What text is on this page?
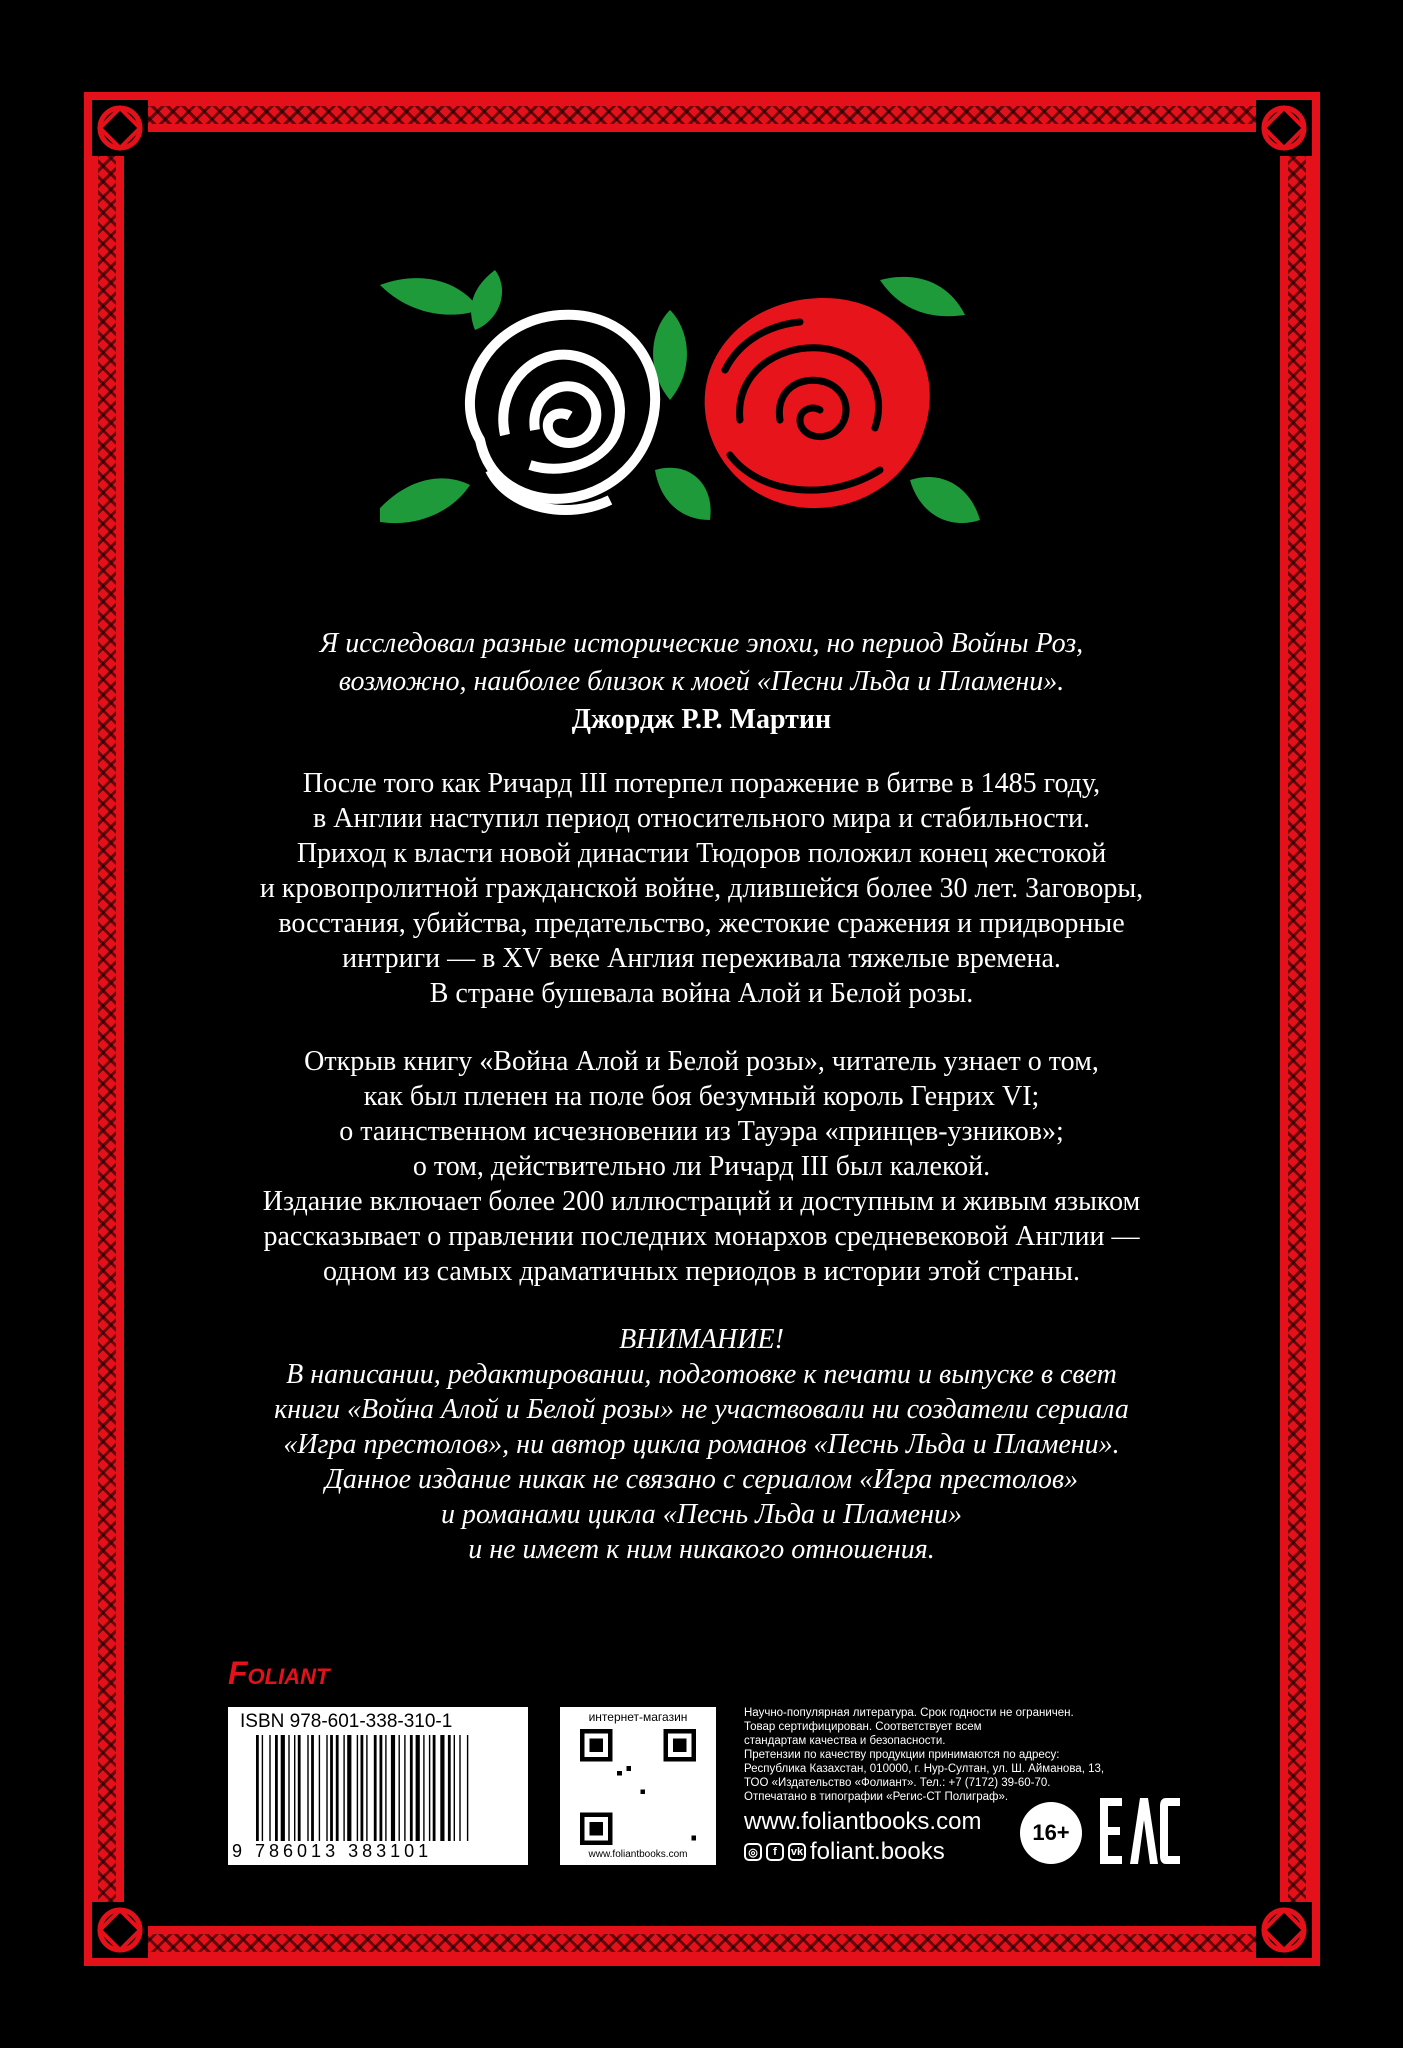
Я исследовал разные исторические эпохи, но период Войны Роз,
возможно, наиболее близок к моей «Песни Льда и Пламени».
Джордж Р.Р. Мартин

После того как Ричард III потерпел поражение в битве в 1485 году,

в Англии наступил период относительного мира и стабильности.

Приход к власти новой династии Тюдоров положил конец жестокой

и кровопролитной гражданской войне, длившейся более 30 лет. Заговоры,

восстания, убийства, предательство, жестокие сражения и придворные

интриги — в XV веке Англия переживала тяжелые времена.

В стране бушевала война Алой и Белой розы.

Открыв книгу «Война Алой и Белой розы», читатель узнает о том,

как был пленен на поле боя безумный король Генрих VI;

о таинственном исчезновении из Тауэра «принцев-узников»;

о том, действительно ли Ричард III был калекой.

Издание включает более 200 иллюстраций и доступным и живым языком

рассказывает о правлении последних монархов средневековой Англии —

одном из самых драматичных периодов в истории этой страны.

ВНИМАНИЕ!

В написании, редактировании, подготовке к печати и выпуске в свет

книги «Война Алой и Белой розы» не участвовали ни создатели сериала

«Игра престолов», ни автор цикла романов «Песнь Льда и Пламени».

Данное издание никак не связано с сериалом «Игра престолов»

и романами цикла «Песнь Льда и Пламени»

и не имеет к ним никакого отношения.

FOLIANT
ISBN 978-601-338-310-1
9 786013 383101
интернет-магазин
www.foliantbooks.com

Научно-популярная литература. Срок годности не ограничен.

Товар сертифицирован. Соответствует всем

стандартам качества и безопасности.

Претензии по качеству продукции принимаются по адресу:

Республика Казахстан, 010000, г. Нур-Султан, ул. Ш. Айманова, 13,

ТОО «Издательство «Фолиант». Тел.: +7 (7172) 39-60-70.

Отпечатано в типографии «Регис-СТ Полиграф».

www.foliantbooks.com
◎	f	vk foliant.books
16+
